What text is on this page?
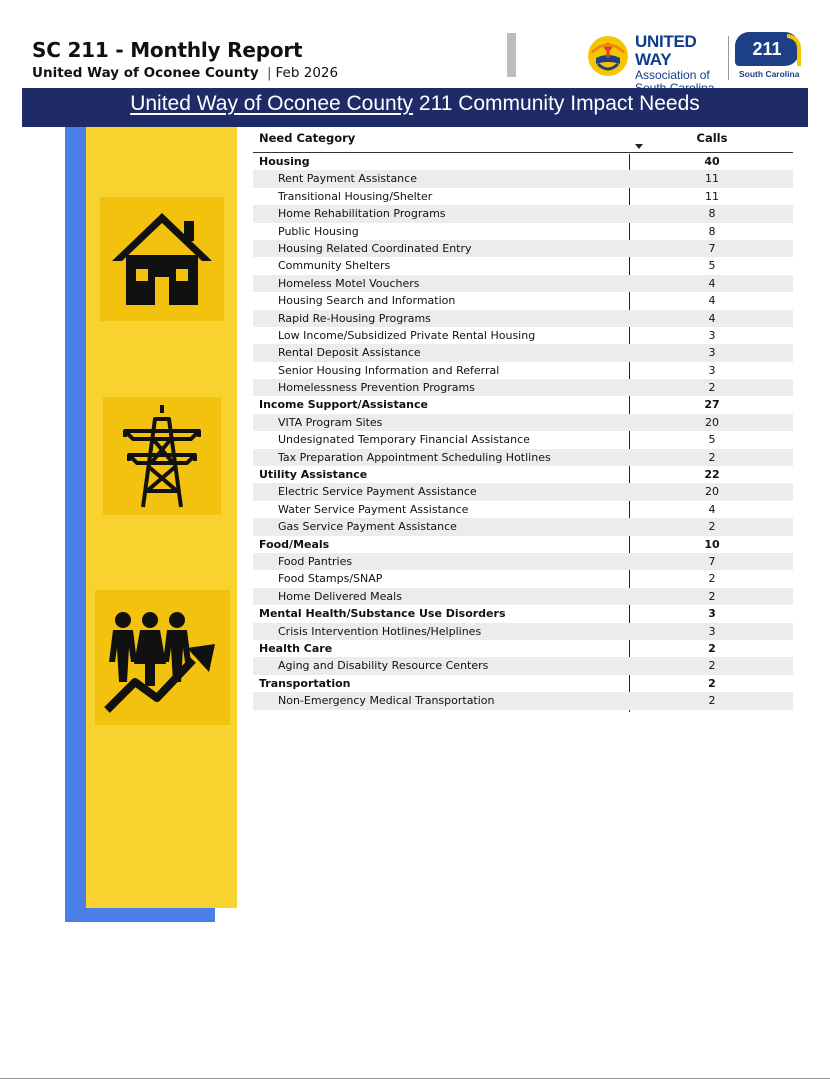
SC 211 - Monthly Report
United Way of Oconee County | Feb 2026
UNITED WAY
Association of
211
South Carolina
United Way of Oconee County 211 Community Impact Needs
Need Category	Calls
Housing	40
Rent Payment Assistance	11
Transitional Housing/Shelter	11
Home Rehabilitation Programs	8
Public Housing	8
Housing Related Coordinated Entry	7
Community Shelters	5
Homeless Motel Vouchers	4
Housing Search and Information	4
Rapid Re-Housing Programs	4
Low Income/Subsidized Private Rental Housing	3
Rental Deposit Assistance	3
Senior Housing Information and Referral	3
Homelessness Prevention Programs	2
Income Support/Assistance	27
VITA Program Sites	20
Undesignated Temporary Financial Assistance	5
Tax Preparation Appointment Scheduling Hotlines	2
Utility Assistance	22
Electric Service Payment Assistance	20
Water Service Payment Assistance	4
Gas Service Payment Assistance	2
Food/Meals	10
Food Pantries	7
Food Stamps/SNAP	2
Home Delivered Meals	2
Mental Health/Substance Use Disorders	3
Crisis Intervention Hotlines/Helplines	3
Health Care	2
Aging and Disability Resource Centers	2
Transportation	2
Non-Emergency Medical Transportation	2
